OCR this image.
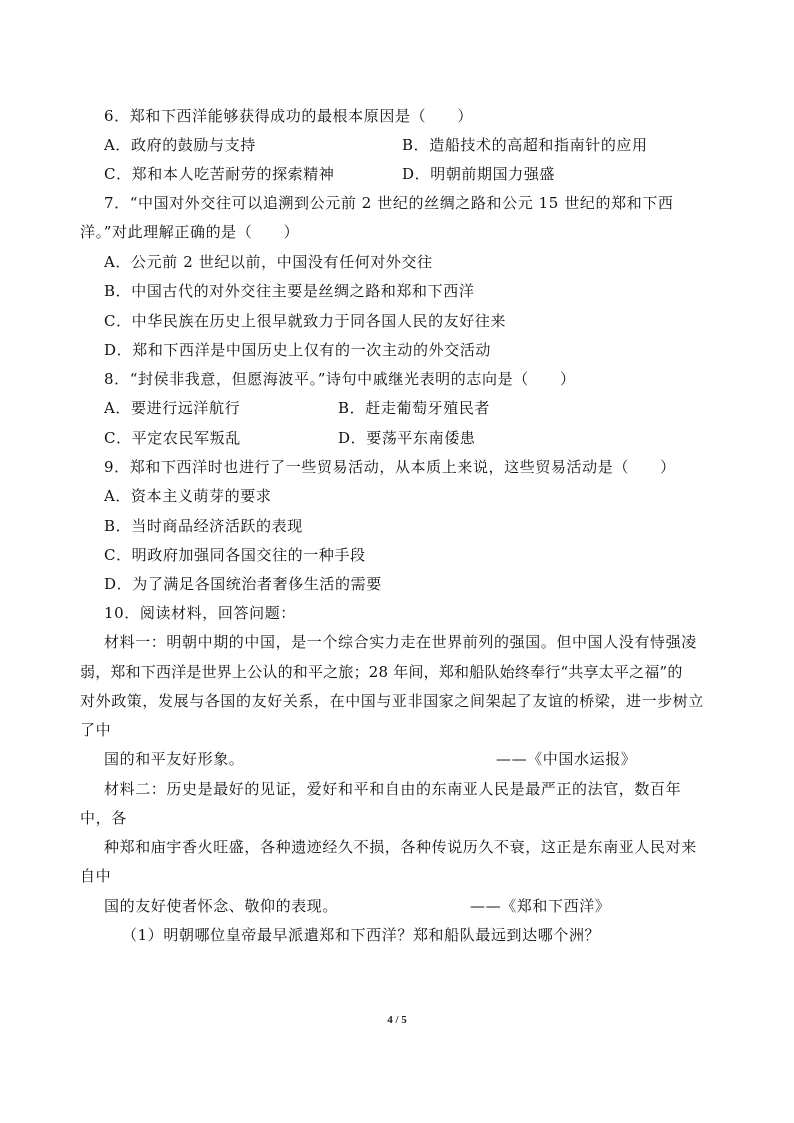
6．郑和下西洋能够获得成功的最根本原因是（　　）
A．政府的鼓励与支持	B．造船技术的高超和指南针的应用
C．郑和本人吃苦耐劳的探索精神	D．明朝前期国力强盛
7．“中国对外交往可以追溯到公元前 2 世纪的丝绸之路和公元 15 世纪的郑和下西
洋。”对此理解正确的是（　　）
A．公元前 2 世纪以前，中国没有任何对外交往
B．中国古代的对外交往主要是丝绸之路和郑和下西洋
C．中华民族在历史上很早就致力于同各国人民的友好往来
D．郑和下西洋是中国历史上仅有的一次主动的外交活动
8．“封侯非我意，但愿海波平。”诗句中戚继光表明的志向是（　　）
A．要进行远洋航行	B．赶走葡萄牙殖民者
C．平定农民军叛乱	D．要荡平东南倭患
9．郑和下西洋时也进行了一些贸易活动，从本质上来说，这些贸易活动是（　　）
A．资本主义萌芽的要求
B．当时商品经济活跃的表现
C．明政府加强同各国交往的一种手段
D．为了满足各国统治者奢侈生活的需要
10．阅读材料，回答问题：
材料一：明朝中期的中国，是一个综合实力走在世界前列的强国。但中国人没有恃强凌
弱，郑和下西洋是世界上公认的和平之旅；28 年间，郑和船队始终奉行“共享太平之福”的
对外政策，发展与各国的友好关系，在中国与亚非国家之间架起了友谊的桥梁，进一步树立
了中
国的和平友好形象。	——《中国水运报》
材料二：历史是最好的见证，爱好和平和自由的东南亚人民是最严正的法官，数百年
中，各
种郑和庙宇香火旺盛，各种遗迹经久不损，各种传说历久不衰，这正是东南亚人民对来
自中
国的友好使者怀念、敬仰的表现。	——《郑和下西洋》
（1）明朝哪位皇帝最早派遣郑和下西洋？郑和船队最远到达哪个洲？
4 / 5
